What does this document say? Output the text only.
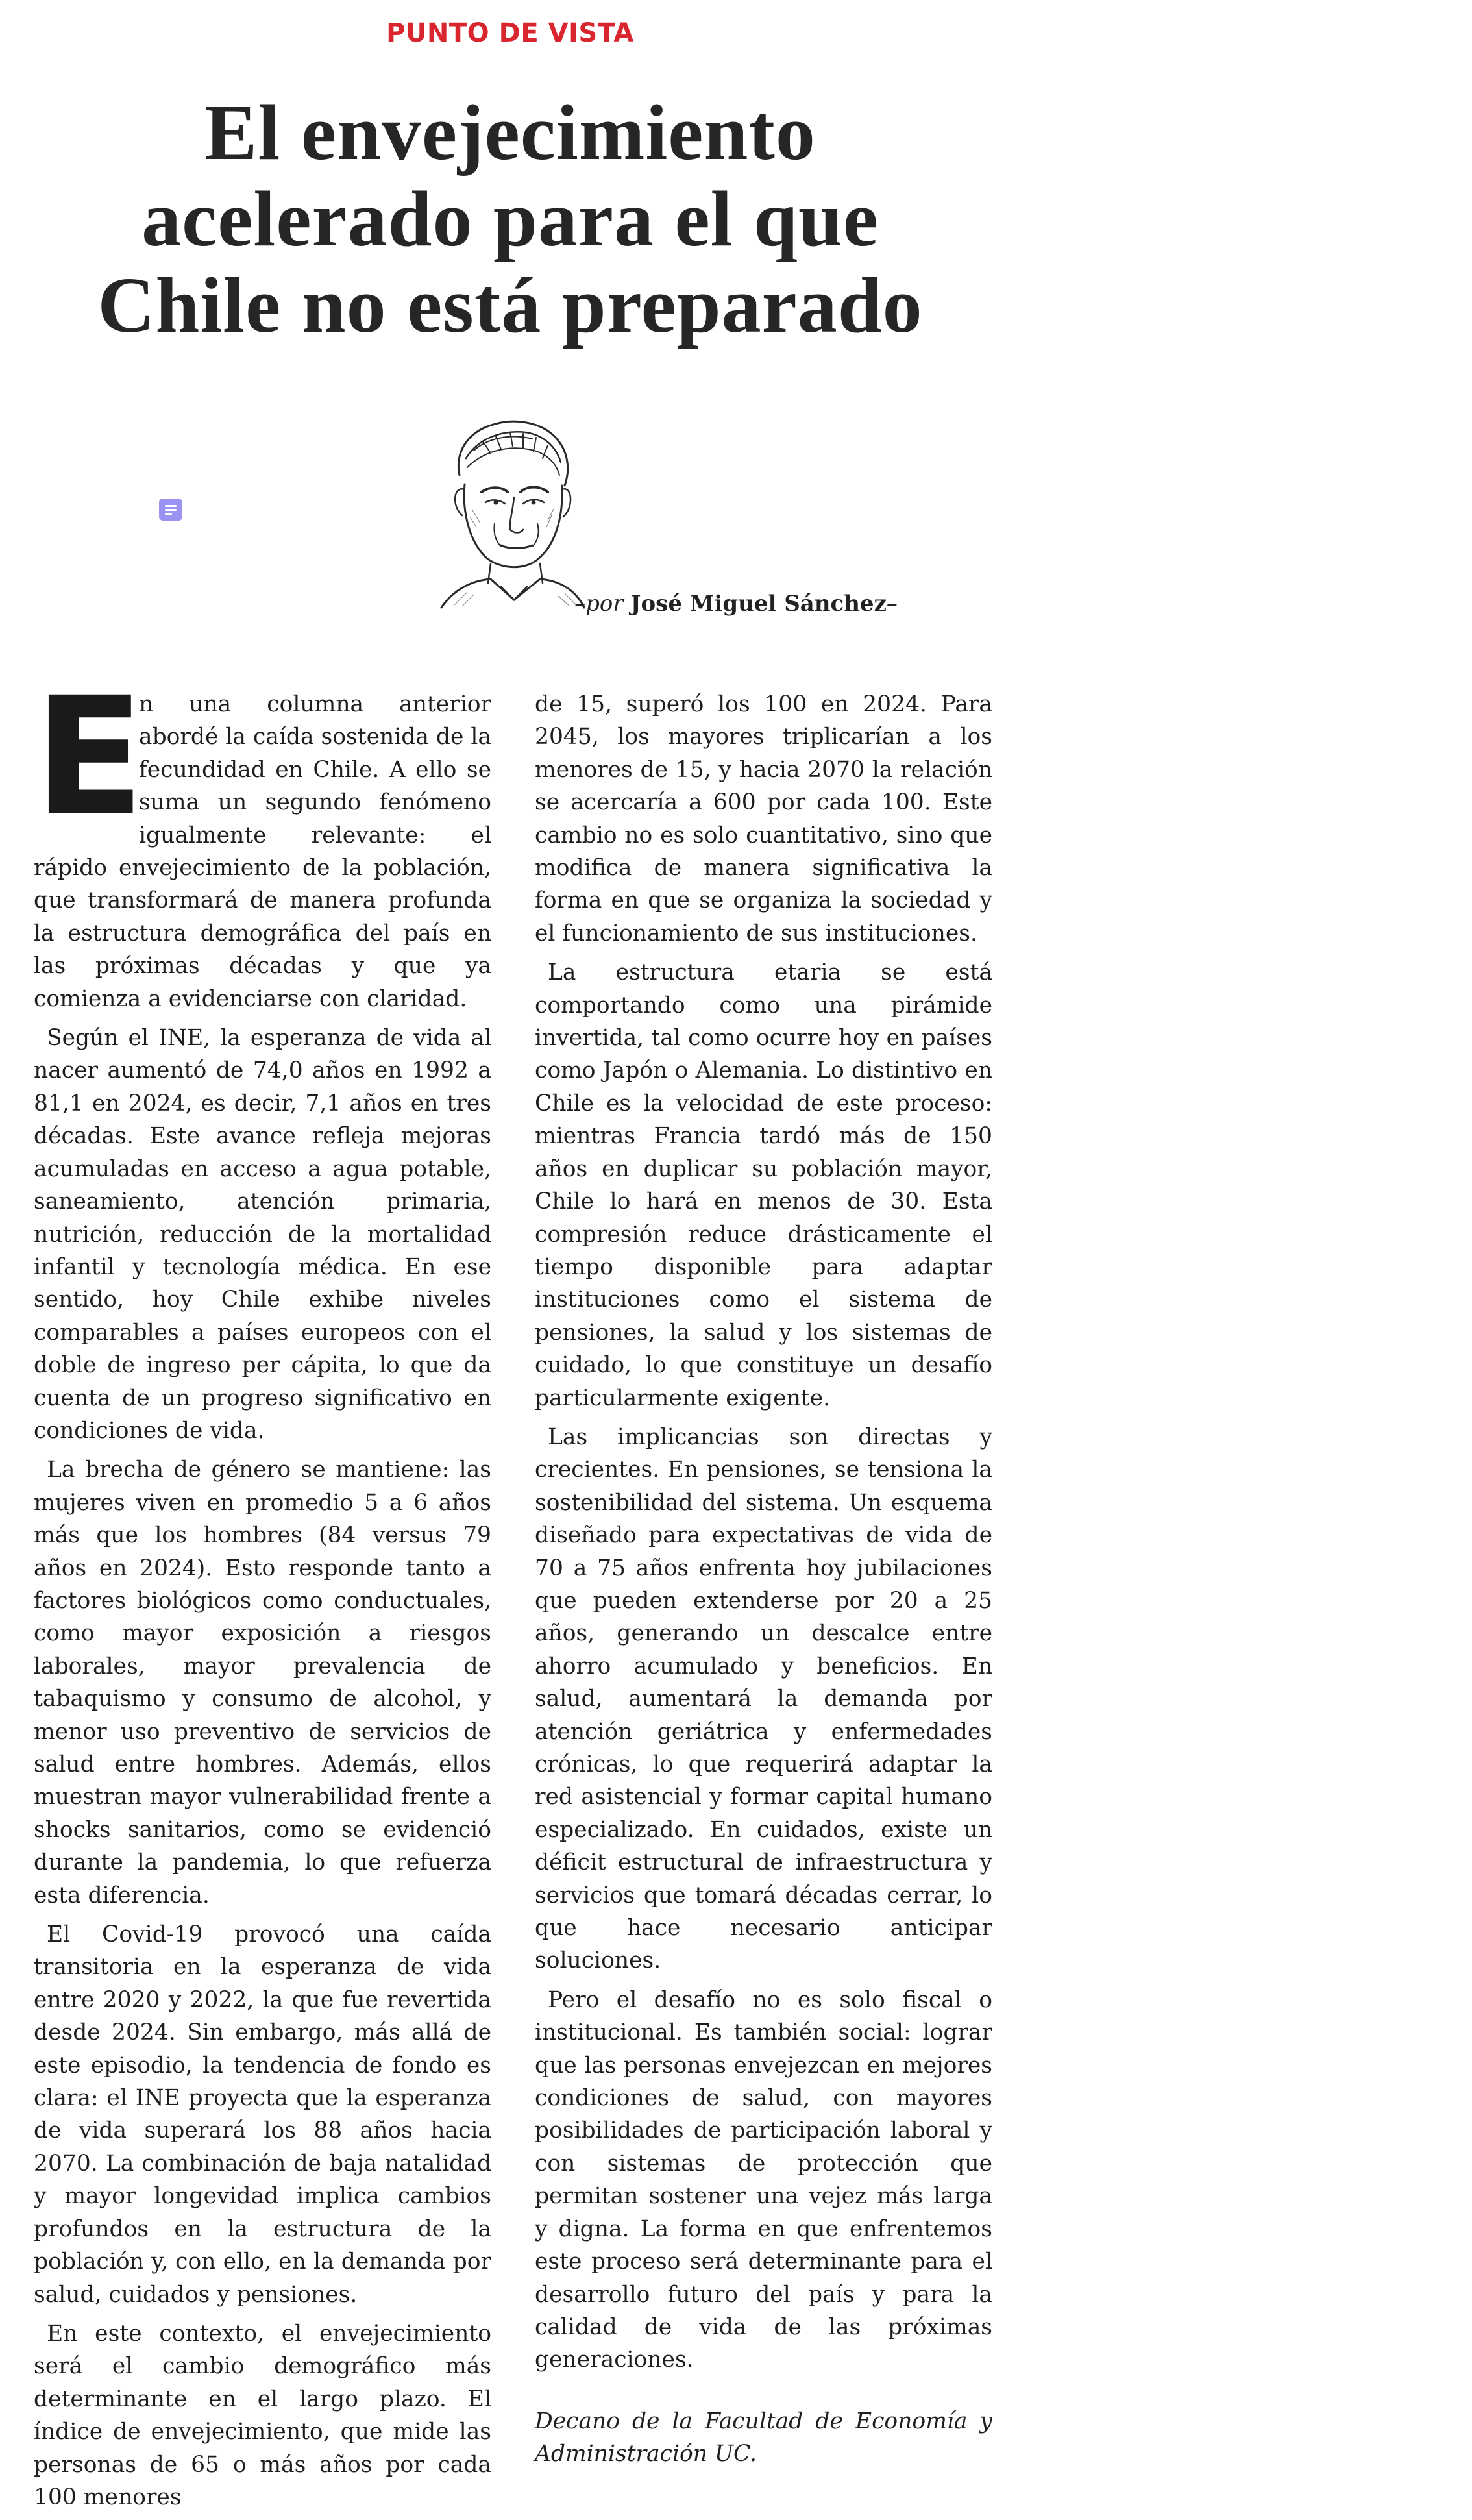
PUNTO DE VISTA
El envejecimiento
acelerado para el que
Chile no está preparado
–por José Miguel Sánchez–

E
n una columna anterior abordé la caída sostenida de la fecundidad en Chile. A ello se suma un segundo fenómeno igualmente relevante: el rápido envejecimiento de la población, que transformará de manera profunda la estructura demográfica del país en las próximas décadas y que ya comienza a evidenciarse con claridad.

Según el INE, la esperanza de vida al nacer aumentó de 74,0 años en 1992 a 81,1 en 2024, es decir, 7,1 años en tres décadas. Este avance refleja mejoras acumuladas en acceso a agua potable, saneamiento, atención primaria, nutrición, reducción de la mortalidad infantil y tecnología médica. En ese sentido, hoy Chile exhibe niveles comparables a países europeos con el doble de ingreso per cápita, lo que da cuenta de un progreso significativo en condiciones de vida.

La brecha de género se mantiene: las mujeres viven en promedio 5 a 6 años más que los hombres (84 versus 79 años en 2024). Esto responde tanto a factores biológicos como conductuales, como mayor exposición a riesgos laborales, mayor prevalencia de tabaquismo y consumo de alcohol, y menor uso preventivo de servicios de salud entre hombres. Además, ellos muestran mayor vulnerabilidad frente a shocks sanitarios, como se evidenció durante la pandemia, lo que refuerza esta diferencia.

El Covid-19 provocó una caída transitoria en la esperanza de vida entre 2020 y 2022, la que fue revertida desde 2024. Sin embargo, más allá de este episodio, la tendencia de fondo es clara: el INE proyecta que la esperanza de vida superará los 88 años hacia 2070. La combinación de baja natalidad y mayor longevidad implica cambios profundos en la estructura de la población y, con ello, en la demanda por salud, cuidados y pensiones.

En este contexto, el envejecimiento será el cambio demográfico más determinante en el largo plazo. El índice de envejecimiento, que mide las personas de 65 o más años por cada 100 menores

de 15, superó los 100 en 2024. Para 2045, los mayores triplicarían a los menores de 15, y hacia 2070 la relación se acercaría a 600 por cada 100. Este cambio no es solo cuantitativo, sino que modifica de manera significativa la forma en que se organiza la sociedad y el funcionamiento de sus instituciones.

La estructura etaria se está comportando como una pirámide invertida, tal como ocurre hoy en países como Japón o Alemania. Lo distintivo en Chile es la velocidad de este proceso: mientras Francia tardó más de 150 años en duplicar su población mayor, Chile lo hará en menos de 30. Esta compresión reduce drásticamente el tiempo disponible para adaptar instituciones como el sistema de pensiones, la salud y los sistemas de cuidado, lo que constituye un desafío particularmente exigente.

Las implicancias son directas y crecientes. En pensiones, se tensiona la sostenibilidad del sistema. Un esquema diseñado para expectativas de vida de 70 a 75 años enfrenta hoy jubilaciones que pueden extenderse por 20 a 25 años, generando un descalce entre ahorro acumulado y beneficios. En salud, aumentará la demanda por atención geriátrica y enfermedades crónicas, lo que requerirá adaptar la red asistencial y formar capital humano especializado. En cuidados, existe un déficit estructural de infraestructura y servicios que tomará décadas cerrar, lo que hace necesario anticipar soluciones.

Pero el desafío no es solo fiscal o institucional. Es también social: lograr que las personas envejezcan en mejores condiciones de salud, con mayores posibilidades de participación laboral y con sistemas de protección que permitan sostener una vejez más larga y digna. La forma en que enfrentemos este proceso será determinante para el desarrollo futuro del país y para la calidad de vida de las próximas generaciones.

Decano de la Facultad de Economía y Administración UC.
